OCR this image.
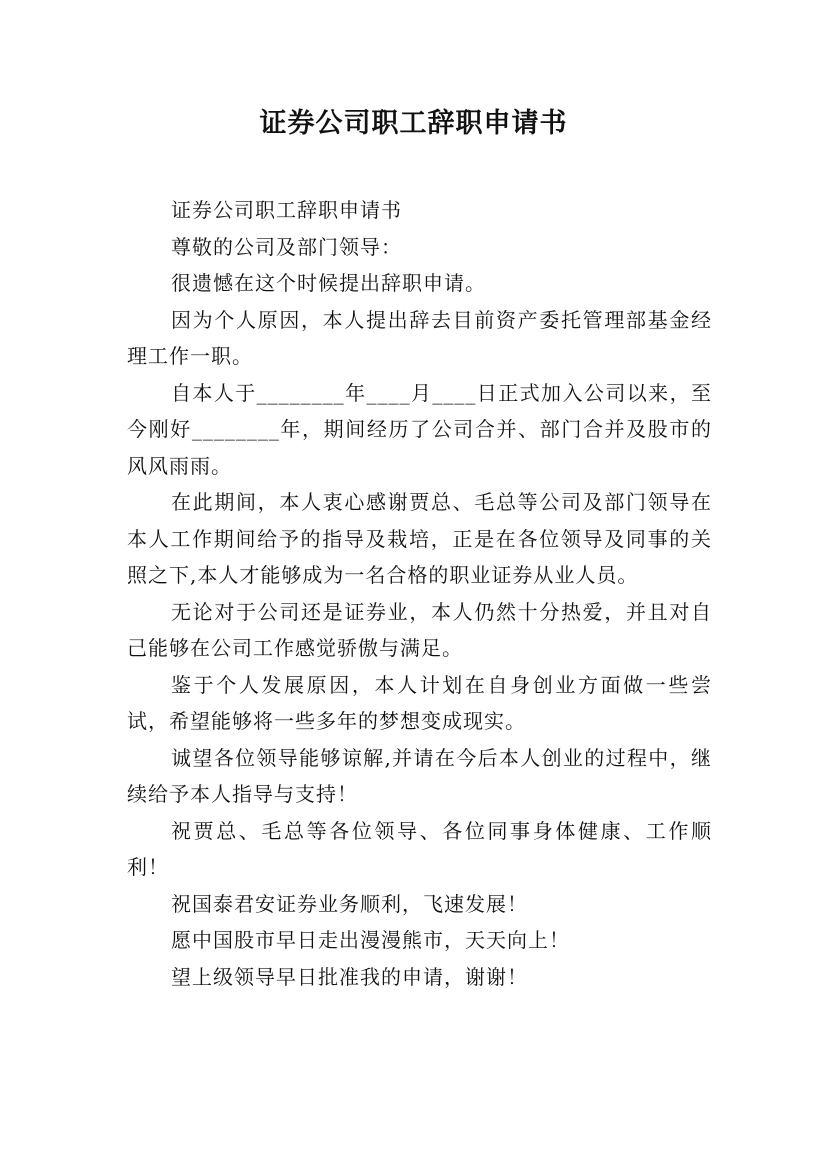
证券公司职工辞职申请书

证券公司职工辞职申请书

尊敬的公司及部门领导：

很遗憾在这个时候提出辞职申请。

因为个人原因，本人提出辞去目前资产委托管理部基金经理工作一职。

自本人于________年____月____日正式加入公司以来，至今刚好________年，期间经历了公司合并、部门合并及股市的风风雨雨。

在此期间，本人衷心感谢贾总、毛总等公司及部门领导在本人工作期间给予的指导及栽培，正是在各位领导及同事的关照之下,本人才能够成为一名合格的职业证券从业人员。

无论对于公司还是证券业，本人仍然十分热爱，并且对自己能够在公司工作感觉骄傲与满足。

鉴于个人发展原因，本人计划在自身创业方面做一些尝试，希望能够将一些多年的梦想变成现实。

诚望各位领导能够谅解,并请在今后本人创业的过程中，继续给予本人指导与支持！

祝贾总、毛总等各位领导、各位同事身体健康、工作顺利！

祝国泰君安证券业务顺利，飞速发展！

愿中国股市早日走出漫漫熊市，天天向上！

望上级领导早日批准我的申请，谢谢！
